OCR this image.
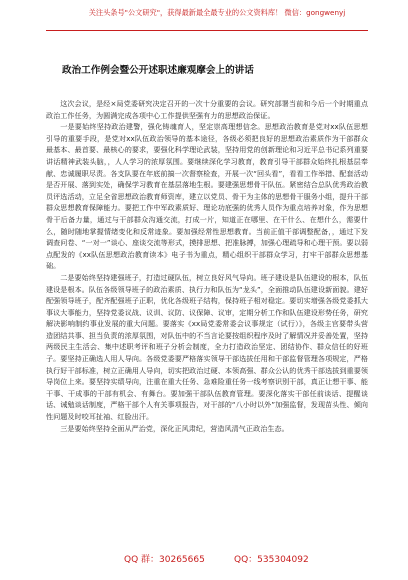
关注头条号"公文研究"，获得最新最全最专业的公文资料库！ 微信：gongwenyj
政治工作例会暨公开述职述廉观摩会上的讲话

这次会议，是经×局党委研究决定召开的一次十分重要的会议。研究部署当前和今后一个时期重点政治工作任务，为圆满完成各项中心工作提供坚强有力的思想政治保证。

一是要始终坚持政治建警，强化铸魂育人，坚定崇高理想信念。思想政治教育是党对xx队伍思想引导的重要手段，是党对xx队伍政治领导的基本途径，各级必须把良好的思想政治素质作为干部群众最基本、最首要、最核心的要求，要强化科学理论武装，坚持用党的创新理论和习近平总书记系列重要讲话精神武装头脑，，人人学习的浓厚氛围。要继续深化学习教育，教育引导干部群众始终扎根基层奉献、忠诚履职尽责。各支队要在年底前搞一次督察检查，开展一次“回头看”，看看工作举措、配套活动是否开展、落到实处，确保学习教育在基层落地生根。要建强思想骨干队伍。紧密结合总队优秀政治教员评选活动，立足全省思想政治教育师资库，建立以党员、骨干为主体的思想骨干服务小组，提升干部群众思想教育保障能力。要把工作中军政素质好、理论功底强的优秀人员作为重点培养对象，作为思想骨干后备力量，通过与干部群众沟通交流，打成一片，知道正在哪里、在干什么、在想什么，需要什么，随时随地掌握情绪变化和反常迹象。要加强经常性思想教育。当前正值干部调整配备，，通过下发调查问卷、“一对一”谈心、座谈交流等形式，摸排思想、把准脉搏，加强心理疏导和心理干预。要以弱点配发的《xx队伍思想政治教育读本》电子书为重点，精心组织干部群众学习，打牢干部群众思想基础。

二是要始终坚持建强班子，打造过硬队伍，树立良好风气导向。班子建设是队伍建设的根本，队伍建设是根本。队伍各级领导班子的政治素质、执行力和队伍为“龙头”，全面推动队伍建设新面貌。建好配强领导班子，配齐配强班子正职，优化各级班子结构，保持班子相对稳定。要切实增强各级党委抓大事议大事能力，坚持党委议战、议训、议防、议保障、议审，定期分析工作和队伍建设形势任务，研究解决影响制约事业发展的重大问题。要落实《xx局党委常委会议事规定（试行）》，各级主官要带头营造团结共事、担当负责的浓厚氛围，对队伍中的不当言论要按组织程序及时了解情况并妥善处置，坚持两级民主生活会、集中述职考评和班子分析会制度，全力打造政治坚定、团结协作、群众信任的好班子。要坚持正确选人用人导向。各级党委要严格落实领导干部选拔任用和干部监督管理各项规定，严格执行好干部标准，树立正确用人导向，切实把政治过硬、本领高强、群众公认的优秀干部选拔到重要领导岗位上来。要坚持实绩导向，注重在重大任务、急难险重任务一线考察识别干部，真正让想干事、能干事、干成事的干部有机会、有舞台。要加强干部队伍教育管理。要深化落实干部任前谈话、提醒谈话、诫勉谈话制度，严格干部个人有关事项报告，对干部的“八小时以外”加强监督，发现苗头性、倾向性问题及时咬耳扯袖、红脸出汗。

三是要始终坚持全面从严治党，深化正风肃纪，营造风清气正政治生态。

QQ 群：30265665	QQ：535304092
